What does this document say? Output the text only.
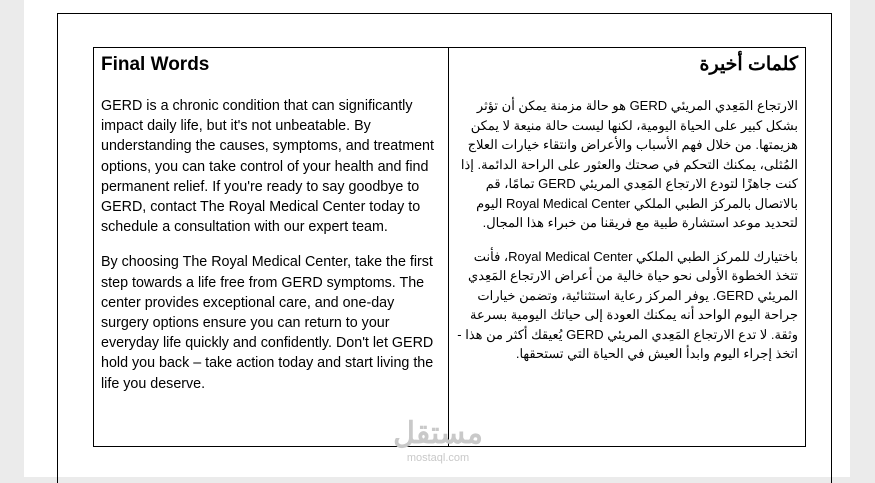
Final Words

GERD is a chronic condition that can significantly impact daily life, but it's not unbeatable. By understanding the causes, symptoms, and treatment options, you can take control of your health and find permanent relief. If you're ready to say goodbye to GERD, contact The Royal Medical Center today to schedule a consultation with our expert team.

By choosing The Royal Medical Center, take the first step towards a life free from GERD symptoms. The center provides exceptional care, and one-day surgery options ensure you can return to your everyday life quickly and confidently. Don't let GERD hold you back – take action today and start living the life you deserve.

كلمات أخيرة

الارتجاع المَعِدي المريئي GERD هو حالة مزمنة يمكن أن تؤثر بشكل كبير على الحياة اليومية، لكنها ليست حالة منيعة لا يمكن هزيمتها. من خلال فهم الأسباب والأعراض وانتقاء خيارات العلاج المُثلى، يمكنك التحكم في صحتك والعثور على الراحة الدائمة. إذا كنت جاهزًا لتودع الارتجاع المَعِدي المريئي GERD تمامًا، قم بالاتصال بالمركز الطبي الملكي Royal Medical Center اليوم لتحديد موعد استشارة طبية مع فريقنا من خبراء هذا المجال.

باختيارك للمركز الطبي الملكي Royal Medical Center، فأنت تتخذ الخطوة الأولى نحو حياة خالية من أعراض الارتجاع المَعِدي المريئي GERD. يوفر المركز رعاية استثنائية، وتضمن خيارات جراحة اليوم الواحد أنه يمكنك العودة إلى حياتك اليومية بسرعة وثقة. لا تدع الارتجاع المَعِدي المريئي GERD يُعيقك أكثر من هذا - اتخذ إجراء اليوم وابدأ العيش في الحياة التي تستحقها.

مستقل
mostaql.com
